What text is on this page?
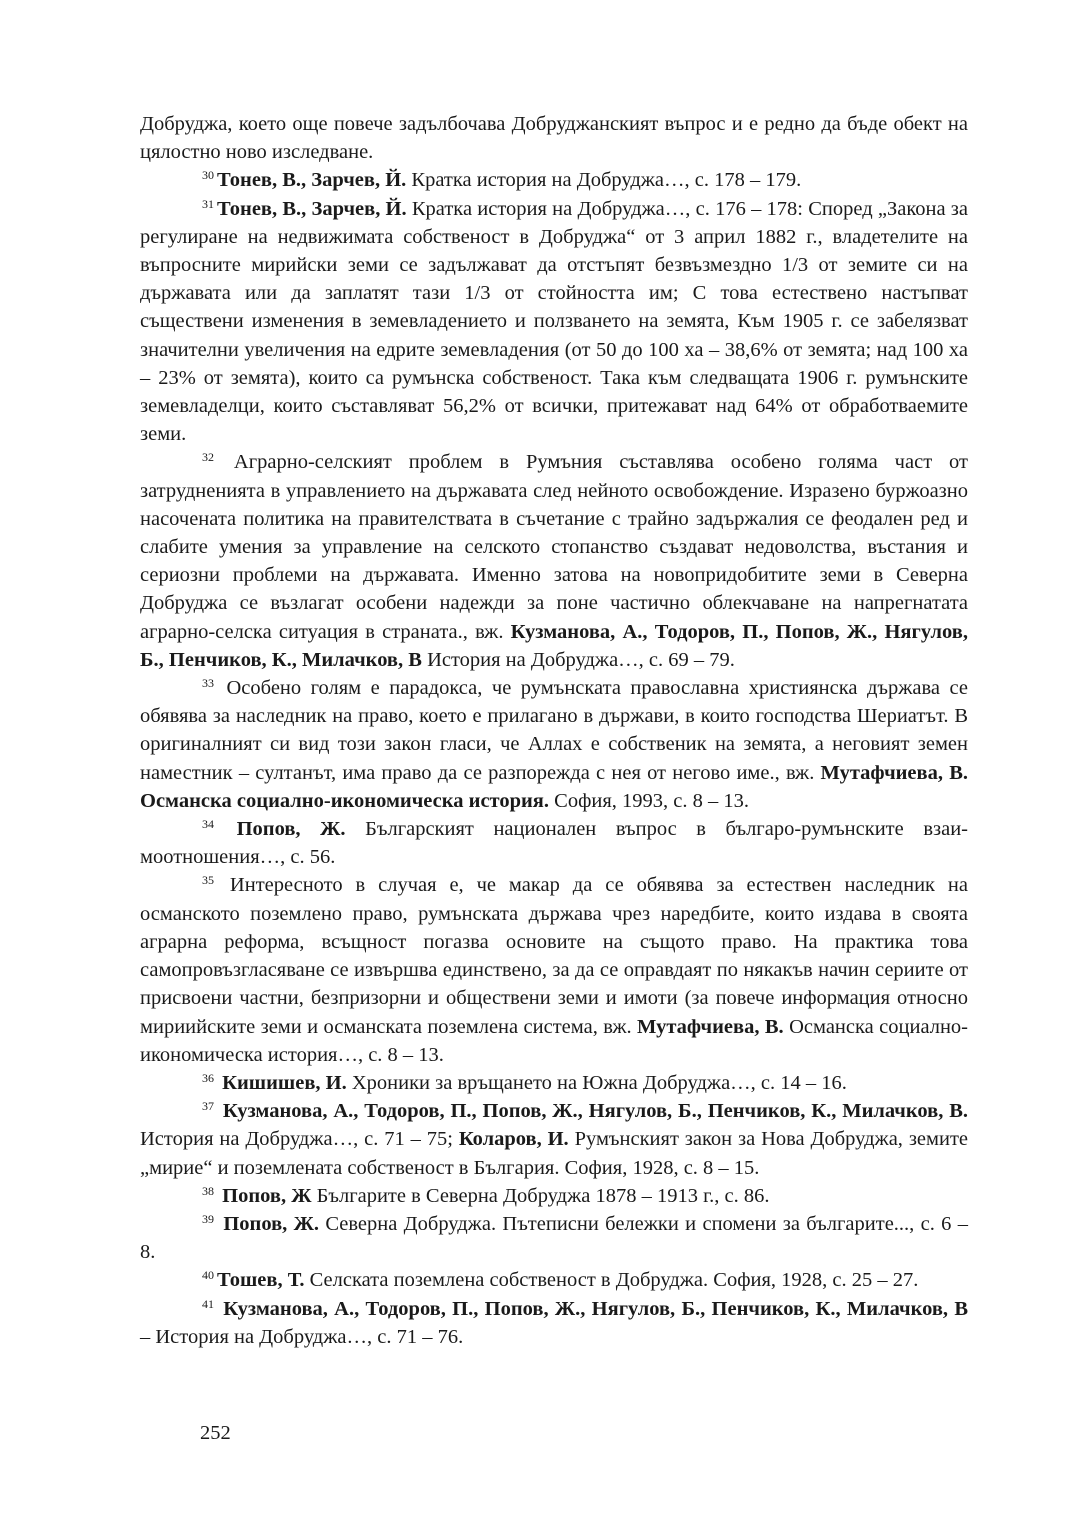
Добруджа, което още повече задълбочава Добруджанският въпрос и е редно да бъде обект на цялостно ново изследване.

$^{30}$ Тонев, В., Зарчев, Й. Кратка история на Добруджа…, с. 178 – 179.

$^{31}$ Тонев, В., Зарчев, Й. Кратка история на Добруджа…, с. 176 – 178: Според „Закона за регулиране на недвижимата собственост в Добруджа“ от 3 април 1882 г., владетелите на въпросните мирийски земи се задължават да отстъпят безвъзмездно 1/3 от земите си на държавата или да заплатят тази 1/3 от стойността им; С това естествено настъпват съществени изменения в земевладението и ползването на земята, Към 1905 г. се забелязват значителни увеличения на едрите земевладения (от 50 до 100 ха – 38,6% от земята; над 100 ха – 23% от земята), които са румънска собственост. Така към следващата 1906 г. румънските земевладелци, които съставляват 56,2% от всички, притежават над 64% от обработваемите земи.

$^{32}$ Аграрно-селският проблем в Румъния съставлява особено голяма част от затрудненията в управлението на държавата след нейното освобождение. Изразено буржоазно насочената политика на правителствата в съчетание с трайно задържалия се феодален ред и слабите умения за управление на селското стопанство създават недоволства, въстания и сериозни проблеми на държавата. Именно затова на новопридобитите земи в Северна Добруджа се възлагат особени надежди за поне частично облекчаване на напрегнатата аграрно-селска ситуация в страната., вж. Кузманова, А., Тодоров, П., Попов, Ж., Нягулов, Б., Пенчиков, К., Милачков, В История на Добруджа…, с. 69 – 79.

$^{33}$ Особено голям е парадокса, че румънската православна християнска държава се обявява за наследник на право, което е прилагано в държави, в които господства Шериатът. В оригиналният си вид този закон гласи, че Аллах е собственик на земята, а неговият земен наместник – султанът, има право да се разпорежда с нея от негово име., вж. Мутафчиева, В. Османска социално-икономическа история. София, 1993, с. 8 – 13.

$^{34}$ Попов, Ж. Българският национален въпрос в българо-румънските взаи- моотношения…, с. 56.

$^{35}$ Интересното в случая е, че макар да се обявява за естествен наследник на османското поземлено право, румънската държава чрез наредбите, които издава в своята аграрна реформа, всъщност погазва основите на същото право. На практика това самопровъзгласяване се извършва единствено, за да се оправдаят по някакъв начин сериите от присвоени частни, безпризорни и обществени земи и имоти (за повече информация относно мириийските земи и османската поземлена система, вж. Мутафчиева, В. Османска социално-икономическа история…, с. 8 – 13.

$^{36}$ Кишишев, И. Хроники за връщането на Южна Добруджа…, с. 14 – 16.

$^{37}$ Кузманова, А., Тодоров, П., Попов, Ж., Нягулов, Б., Пенчиков, К., Милачков, В. История на Добруджа…, с. 71 – 75; Коларов, И. Румънският закон за Нова Добруджа, земите „мирие“ и поземлената собственост в България. София, 1928, с. 8 – 15.

$^{38}$ Попов, Ж Българите в Северна Добруджа 1878 – 1913 г., с. 86.

$^{39}$ Попов, Ж. Северна Добруджа. Пътеписни бележки и спомени за българите..., с. 6 – 8.

$^{40}$ Тошев, Т. Селската поземлена собственост в Добруджа. София, 1928, с. 25 – 27.

$^{41}$ Кузманова, А., Тодоров, П., Попов, Ж., Нягулов, Б., Пенчиков, К., Милачков, В – История на Добруджа…, с. 71 – 76.

252
